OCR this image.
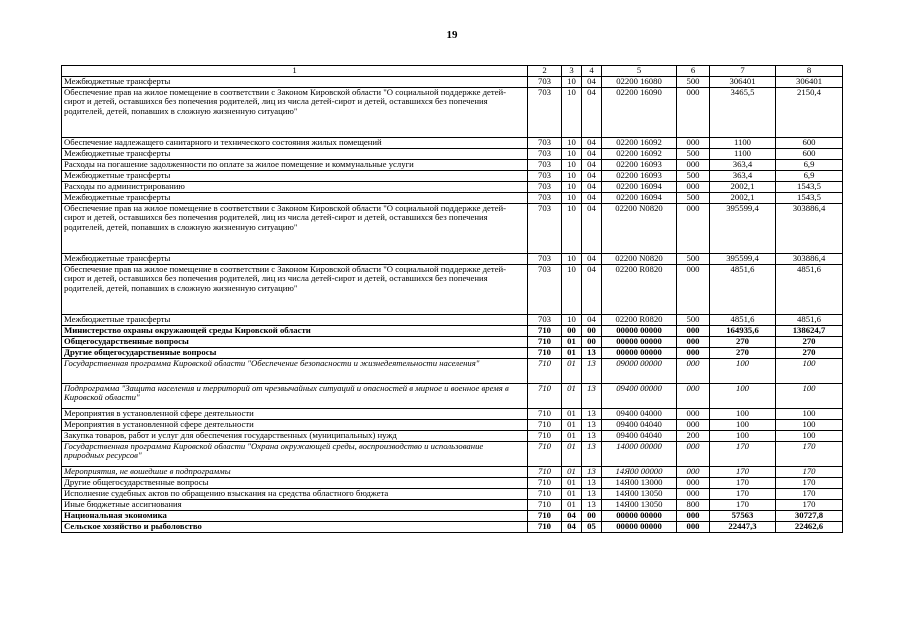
19
1	2	3	4	5	6	7	8
Межбюджетные трансферты	703	10	04	02200 16080	500	306401	306401
Обеспечение прав на жилое помещение в соответствии с Законом Кировской области "О социальной поддержке детей-сирот и детей, оставшихся без попечения родителей, лиц из числа детей-сирот и детей, оставшихся без попечения родителей, детей, попавших в сложную жизненную ситуацию"	703	10	04	02200 16090	000	3465,5	2150,4
Обеспечение надлежащего санитарного и технического состояния жилых помещений	703	10	04	02200 16092	000	1100	600
Межбюджетные трансферты	703	10	04	02200 16092	500	1100	600
Расходы на погашение задолженности по оплате за жилое помещение и коммунальные услуги	703	10	04	02200 16093	000	363,4	6,9
Межбюджетные трансферты	703	10	04	02200 16093	500	363,4	6,9
Расходы по администрированию	703	10	04	02200 16094	000	2002,1	1543,5
Межбюджетные трансферты	703	10	04	02200 16094	500	2002,1	1543,5
Обеспечение прав на жилое помещение в соответствии с Законом Кировской области "О социальной поддержке детей-сирот и детей, оставшихся без попечения родителей, лиц из числа детей-сирот и детей, оставшихся без попечения родителей, детей, попавших в сложную жизненную ситуацию"	703	10	04	02200 N0820	000	395599,4	303886,4
Межбюджетные трансферты	703	10	04	02200 N0820	500	395599,4	303886,4
Обеспечение прав на жилое помещение в соответствии с Законом Кировской области "О социальной поддержке детей-сирот и детей, оставшихся без попечения родителей, лиц из числа детей-сирот и детей, оставшихся без попечения родителей, детей, попавших в сложную жизненную ситуацию"	703	10	04	02200 R0820	000	4851,6	4851,6
Межбюджетные трансферты	703	10	04	02200 R0820	500	4851,6	4851,6
Министерство охраны окружающей среды Кировской области	710	00	00	00000 00000	000	164935,6	138624,7
Общегосударственные вопросы	710	01	00	00000 00000	000	270	270
Другие общегосударственные вопросы	710	01	13	00000 00000	000	270	270
Государственная программа Кировской области "Обеспечение безопасности и жизнедеятельности населения"	710	01	13	09000 00000	000	100	100
Подпрограмма "Защита населения и территорий от чрезвычайных ситуаций и опасностей в мирное и военное время в Кировской области"	710	01	13	09400 00000	000	100	100
Мероприятия в установленной сфере деятельности	710	01	13	09400 04000	000	100	100
Мероприятия в установленной сфере деятельности	710	01	13	09400 04040	000	100	100
Закупка товаров, работ и услуг для обеспечения государственных (муниципальных) нужд	710	01	13	09400 04040	200	100	100
Государственная программа Кировской области "Охрана окружающей среды, воспроизводство и использование природных ресурсов"	710	01	13	14000 00000	000	170	170
Мероприятия, не вошедшие в подпрограммы	710	01	13	14Я00 00000	000	170	170
Другие общегосударственные вопросы	710	01	13	14Я00 13000	000	170	170
Исполнение судебных актов по обращению взыскания на средства областного бюджета	710	01	13	14Я00 13050	000	170	170
Иные бюджетные ассигнования	710	01	13	14Я00 13050	800	170	170
Национальная экономика	710	04	00	00000 00000	000	57563	30727,8
Сельское хозяйство и рыболовство	710	04	05	00000 00000	000	22447,3	22462,6
